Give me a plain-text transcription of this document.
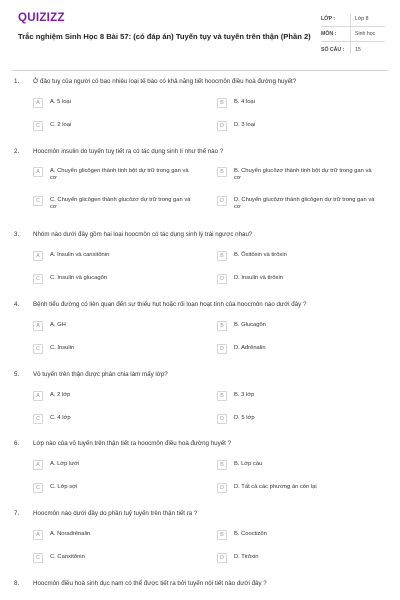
QUIZIZZ
Trắc nghiệm Sinh Học 8 Bài 57: (có đáp án) Tuyến tụy và tuyến trên thận (Phần 2)
LỚP :	Lớp 8
MÔN :	Sinh học
SỐ CÂU :	15
1. Ở đảo tuỵ của người có bao nhiêu loại tế bào có khả năng tiết hoocmôn điều hoà đường huyết?
A	A. 5 loại	B	B. 4 loại
C	C. 2 loại	D	D. 3 loại
2. Hoocmôn insulin do tuyến tuỵ tiết ra có tác dụng sinh lí như thế nào ?
A	A. Chuyển glicôgen thành tinh bột dự trữ trong gan và cơ
B	B. Chuyển glucôzơ thành tinh bột dự trữ trong gan và cơ
C	C. Chuyển glicôgen thành glucôzơ dự trữ trong gan và cơ
D	D. Chuyển glucôzơ thành glicôgen dự trữ trong gan và cơ
3. Nhóm nào dưới đây gồm hai loại hoocmôn có tác dụng sinh lý trái ngược nhau?
A	A. Insulin và canxitônin	B	B. Ôxitôxin và tirôxin
C	C. Insulin và glucagôn	D	D. Insulin và tirôxin
4. Bệnh tiểu đường có liên quan đến sự thiếu hụt hoặc rối loạn hoạt tính của hoocmôn nào dưới đây ?
A	A. GH	B	B. Glucagôn
C	C. Insulin	D	D. Ađrênalin
5. Vỏ tuyến trên thận được phân chia làm mấy lớp?
A	A. 2 lớp	B	B. 3 lớp
C	C. 4 lớp	D	D. 5 lớp
6. Lớp nào của vỏ tuyến trên thận tiết ra hoocmôn điều hoà đường huyết ?
A	A. Lớp lưới	B	B. Lớp cầu
C	C. Lớp sợi	D	D. Tất cả các phương án còn lại
7. Hoocmôn nào dưới đây do phần tuỷ tuyến trên thận tiết ra ?
A	A. Norađrênalin	B	B. Cooctizôn
C	C. Canxitônin	D	D. Tirôxin
8. Hoocmôn điều hoà sinh dục nam có thể được tiết ra bởi tuyến nội tiết nào dưới đây ?
